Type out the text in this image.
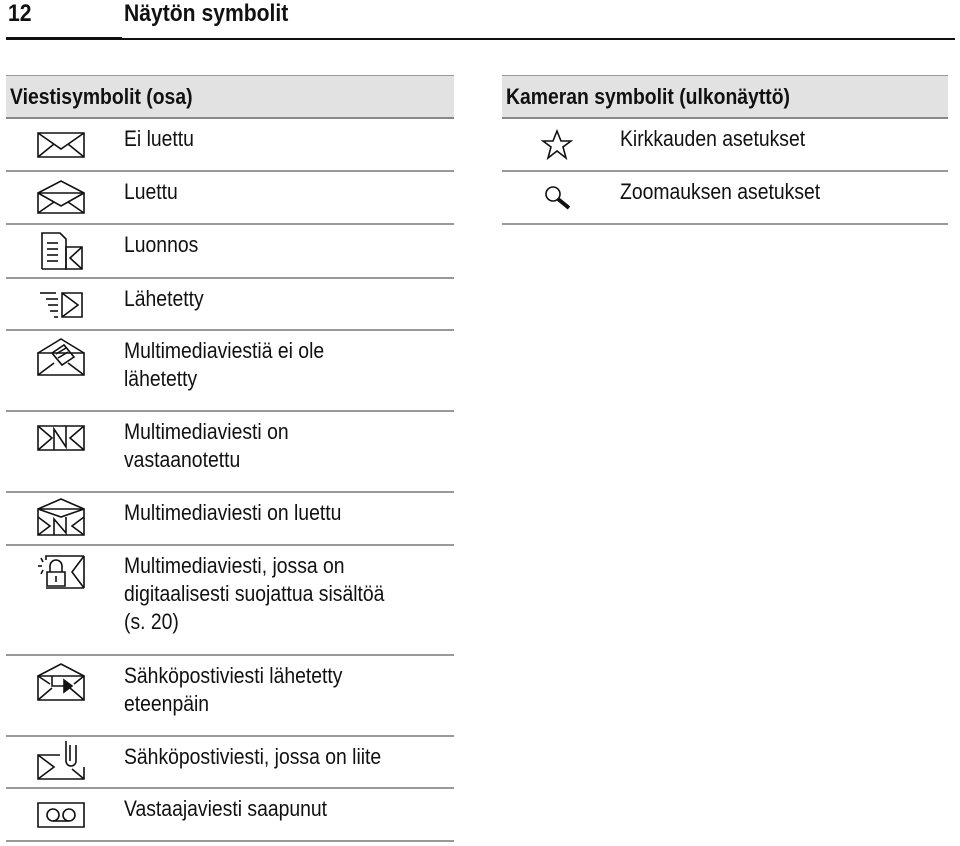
12	Näytön symbolit
Viestisymbolit (osa)
Ei luettu
Luettu
Luonnos
Lähetetty
Multimediaviestiä ei ole
lähetetty
Multimediaviesti on
vastaanotettu
Multimediaviesti on luettu
Multimediaviesti, jossa on
digitaalisesti suojattua sisältöä
(s. 20)
Sähköpostiviesti lähetetty
eteenpäin
Sähköpostiviesti, jossa on liite
Vastaajaviesti saapunut
Kameran symbolit (ulkonäyttö)
Kirkkauden asetukset
Zoomauksen asetukset
